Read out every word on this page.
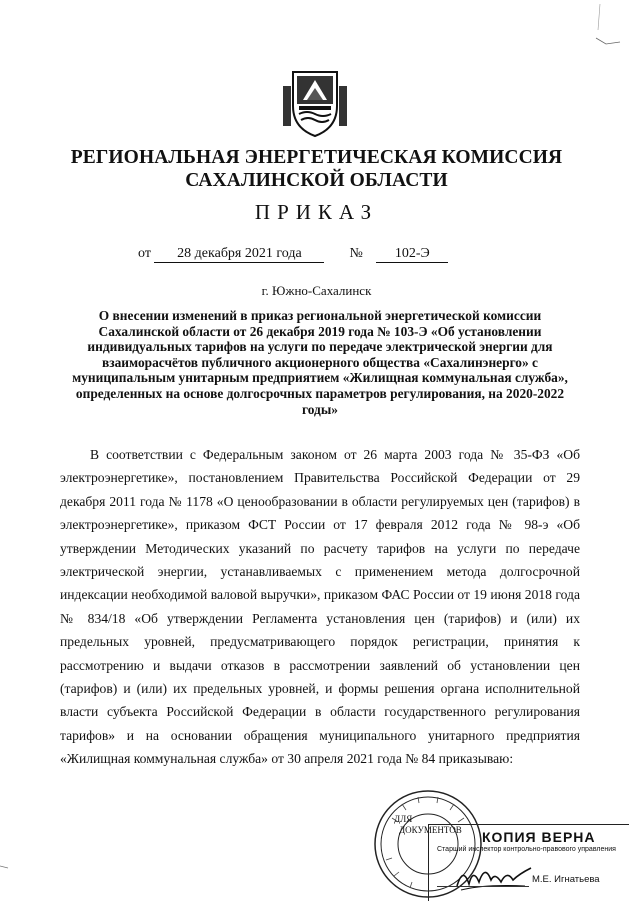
РЕГИОНАЛЬНАЯ ЭНЕРГЕТИЧЕСКАЯ КОМИССИЯ
САХАЛИНСКОЙ ОБЛАСТИ
ПРИКАЗ
от 28 декабря 2021 года	№ 102-Э
г. Южно-Сахалинск
О внесении изменений в приказ региональной энергетической комиссии Сахалинской области от 26 декабря 2019 года № 103-Э «Об установлении индивидуальных тарифов на услуги по передаче электрической энергии для взаиморасчётов публичного акционерного общества «Сахалинэнерго» с муниципальным унитарным предприятием «Жилищная коммунальная служба», определенных на основе долгосрочных параметров регулирования, на 2020-2022 годы»

В соответствии с Федеральным законом от 26 марта 2003 года № 35-ФЗ «Об электроэнергетике», постановлением Правительства Российской Федерации от 29 декабря 2011 года № 1178 «О ценообразовании в области регулируемых цен (тарифов) в электроэнергетике», приказом ФСТ России от 17 февраля 2012 года № 98-э «Об утверждении Методических указаний по расчету тарифов на услуги по передаче электрической энергии, устанавливаемых с применением метода долгосрочной индексации необходимой валовой выручки», приказом ФАС России от 19 июня 2018 года № 834/18 «Об утверждении Регламента установления цен (тарифов) и (или) их предельных уровней, предусматривающего порядок регистрации, принятия к рассмотрению и выдачи отказов в рассмотрении заявлений об установлении цен (тарифов) и (или) их предельных уровней, и формы решения органа исполнительной власти субъекта Российской Федерации в области государственного регулирования тарифов» и на основании обращения муниципального унитарного предприятия «Жилищная коммунальная служба» от 30 апреля 2021 года № 84 приказываю:

ДЛЯ
ДОКУМЕНТОВ КОПИЯ ВЕРНА
Старший инспектор контрольно-правового управления
М.Е. Игнатьева
